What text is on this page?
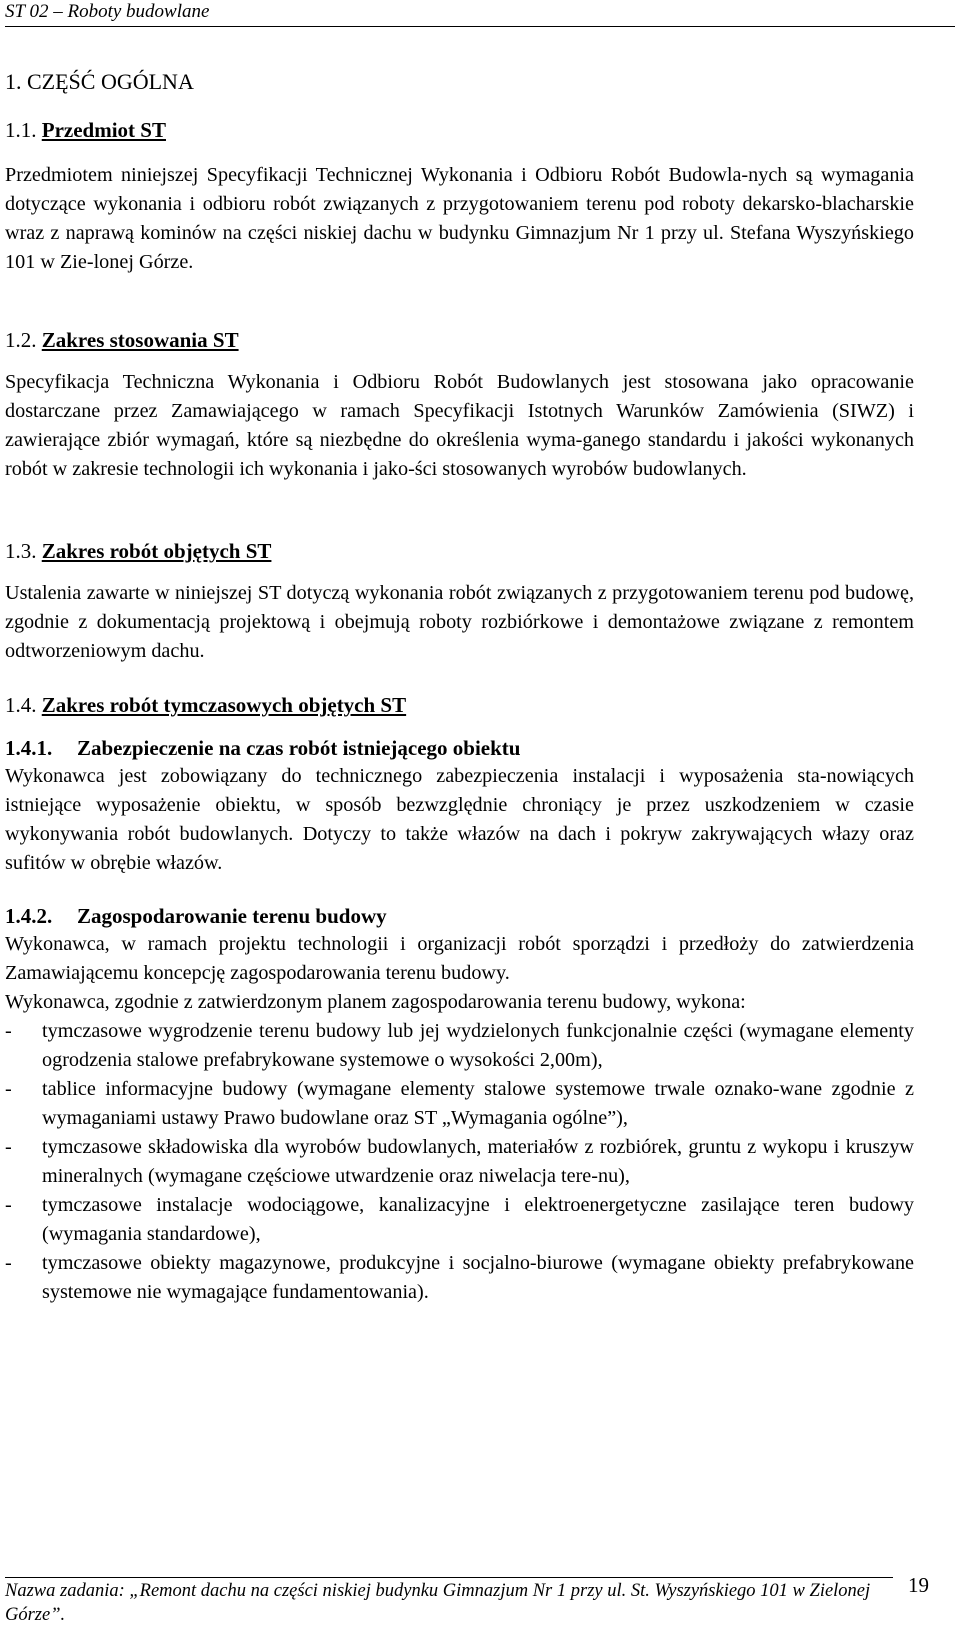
ST 02 – Roboty budowlane
1. CZĘŚĆ OGÓLNA
1.1. Przedmiot ST

Przedmiotem niniejszej Specyfikacji Technicznej Wykonania i Odbioru Robót Budowla-nych są wymagania dotyczące wykonania i odbioru robót związanych z przygotowaniem terenu pod roboty dekarsko-blacharskie wraz z naprawą kominów na części niskiej dachu w budynku Gimnazjum Nr 1 przy ul. Stefana Wyszyńskiego 101 w Zie-lonej Górze.

1.2. Zakres stosowania ST

Specyfikacja Techniczna Wykonania i Odbioru Robót Budowlanych jest stosowana jako opracowanie dostarczane przez Zamawiającego w ramach Specyfikacji Istotnych Warunków Zamówienia (SIWZ) i zawierające zbiór wymagań, które są niezbędne do określenia wyma-ganego standardu i jakości wykonanych robót w zakresie technologii ich wykonania i jako-ści stosowanych wyrobów budowlanych.

1.3. Zakres robót objętych ST

Ustalenia zawarte w niniejszej ST dotyczą wykonania robót związanych z przygotowaniem terenu pod budowę, zgodnie z dokumentacją projektową i obejmują roboty rozbiórkowe i demontażowe związane z remontem odtworzeniowym dachu.

1.4. Zakres robót tymczasowych objętych ST
1.4.1. Zabezpieczenie na czas robót istniejącego obiektu

Wykonawca jest zobowiązany do technicznego zabezpieczenia instalacji i wyposażenia sta-nowiących istniejące wyposażenie obiektu, w sposób bezwzględnie chroniący je przez uszkodzeniem w czasie wykonywania robót budowlanych. Dotyczy to także włazów na dach i pokryw zakrywających włazy oraz sufitów w obrębie włazów.

1.4.2. Zagospodarowanie terenu budowy

Wykonawca, w ramach projektu technologii i organizacji robót sporządzi i przedłoży do zatwierdzenia Zamawiającemu koncepcję zagospodarowania terenu budowy.

Wykonawca, zgodnie z zatwierdzonym planem zagospodarowania terenu budowy, wykona:

- tymczasowe wygrodzenie terenu budowy lub jej wydzielonych funkcjonalnie części (wymagane elementy ogrodzenia stalowe prefabrykowane systemowe o wysokości 2,00m),
- tablice informacyjne budowy (wymagane elementy stalowe systemowe trwale oznako-wane zgodnie z wymaganiami ustawy Prawo budowlane oraz ST „Wymagania ogólne”),
- tymczasowe składowiska dla wyrobów budowlanych, materiałów z rozbiórek, gruntu z wykopu i kruszyw mineralnych (wymagane częściowe utwardzenie oraz niwelacja tere-nu),
- tymczasowe instalacje wodociągowe, kanalizacyjne i elektroenergetyczne zasilające teren budowy (wymagania standardowe),
- tymczasowe obiekty magazynowe, produkcyjne i socjalno-biurowe (wymagane obiekty prefabrykowane systemowe nie wymagające fundamentowania).
Nazwa zadania: „Remont dachu na części niskiej budynku Gimnazjum Nr 1 przy ul. St. Wyszyńskiego 101 w Zielonej Górze”.
19
